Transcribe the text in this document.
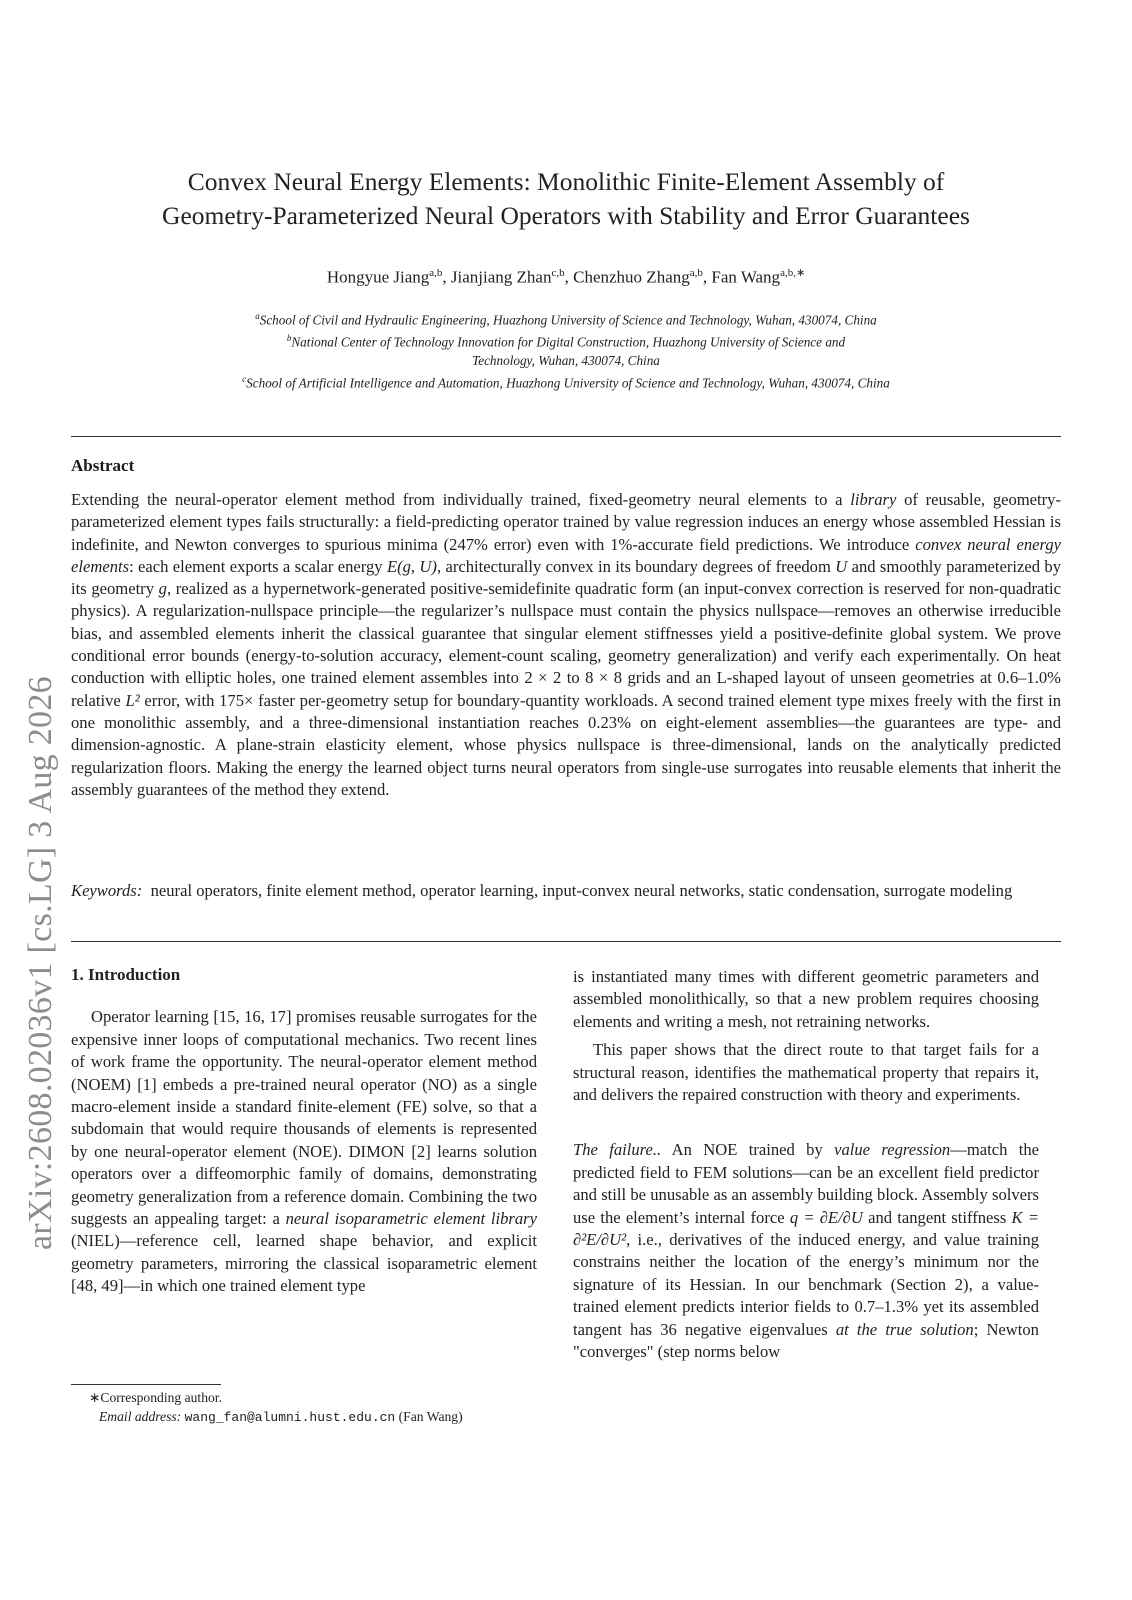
arXiv:2608.02036v1 [cs.LG] 3 Aug 2026
Convex Neural Energy Elements: Monolithic Finite-Element Assembly of
Geometry-Parameterized Neural Operators with Stability and Error Guarantees
Hongyue Jiang$^{a,b}$, Jianjiang Zhan$^{c,b}$, Chenzhuo Zhang$^{a,b}$, Fan Wang$^{a,b,∗}$
$^a$School of Civil and Hydraulic Engineering, Huazhong University of Science and Technology, Wuhan, 430074, China
$^b$National Center of Technology Innovation for Digital Construction, Huazhong University of Science and
Technology, Wuhan, 430074, China
$^c$School of Artificial Intelligence and Automation, Huazhong University of Science and Technology, Wuhan, 430074, China
Abstract
Extending the neural-operator element method from individually trained, fixed-geometry neural elements to a library of reusable, geometry-parameterized element types fails structurally: a field-predicting operator trained by value regression induces an energy whose assembled Hessian is indefinite, and Newton converges to spurious minima (247% error) even with 1%-accurate field predictions. We introduce convex neural energy elements: each element exports a scalar energy E(g, U), architecturally convex in its boundary degrees of freedom U and smoothly parameterized by its geometry g, realized as a hypernetwork-generated positive-semidefinite quadratic form (an input-convex correction is reserved for non-quadratic physics). A regularization-nullspace principle—the regularizer’s nullspace must contain the physics nullspace—removes an otherwise irreducible bias, and assembled elements inherit the classical guarantee that singular element stiffnesses yield a positive-definite global system. We prove conditional error bounds (energy-to-solution accuracy, element-count scaling, geometry generalization) and verify each experimentally. On heat conduction with elliptic holes, one trained element assembles into 2 × 2 to 8 × 8 grids and an L-shaped layout of unseen geometries at 0.6–1.0% relative L² error, with 175× faster per-geometry setup for boundary-quantity workloads. A second trained element type mixes freely with the first in one monolithic assembly, and a three-dimensional instantiation reaches 0.23% on eight-element assemblies—the guarantees are type- and dimension-agnostic. A plane-strain elasticity element, whose physics nullspace is three-dimensional, lands on the analytically predicted regularization floors. Making the energy the learned object turns neural operators from single-use surrogates into reusable elements that inherit the assembly guarantees of the method they extend.
Keywords: neural operators, finite element method, operator learning, input-convex neural networks, static condensation, surrogate modeling
1. Introduction

Operator learning [15, 16, 17] promises reusable surrogates for the expensive inner loops of computational mechanics. Two recent lines of work frame the opportunity. The neural-operator element method (NOEM) [1] embeds a pre-trained neural operator (NO) as a single macro-element inside a standard finite-element (FE) solve, so that a subdomain that would require thousands of elements is represented by one neural-operator element (NOE). DIMON [2] learns solution operators over a diffeomorphic family of domains, demonstrating geometry generalization from a reference domain. Combining the two suggests an appealing target: a neural isoparametric element library (NIEL)—reference cell, learned shape behavior, and explicit geometry parameters, mirroring the classical isoparametric element [48, 49]—in which one trained element type

is instantiated many times with different geometric parameters and assembled monolithically, so that a new problem requires choosing elements and writing a mesh, not retraining networks.

This paper shows that the direct route to that target fails for a structural reason, identifies the mathematical property that repairs it, and delivers the repaired construction with theory and experiments.

The failure.. An NOE trained by value regression—match the predicted field to FEM solutions—can be an excellent field predictor and still be unusable as an assembly building block. Assembly solvers use the element’s internal force q = ∂E/∂U and tangent stiffness K = ∂²E/∂U², i.e., derivatives of the induced energy, and value training constrains neither the location of the energy’s minimum nor the signature of its Hessian. In our benchmark (Section 2), a value-trained element predicts interior fields to 0.7–1.3% yet its assembled tangent has 36 negative eigenvalues at the true solution; Newton "converges" (step norms below

∗Corresponding author.
Email address: wang_fan@alumni.hust.edu.cn (Fan Wang)
